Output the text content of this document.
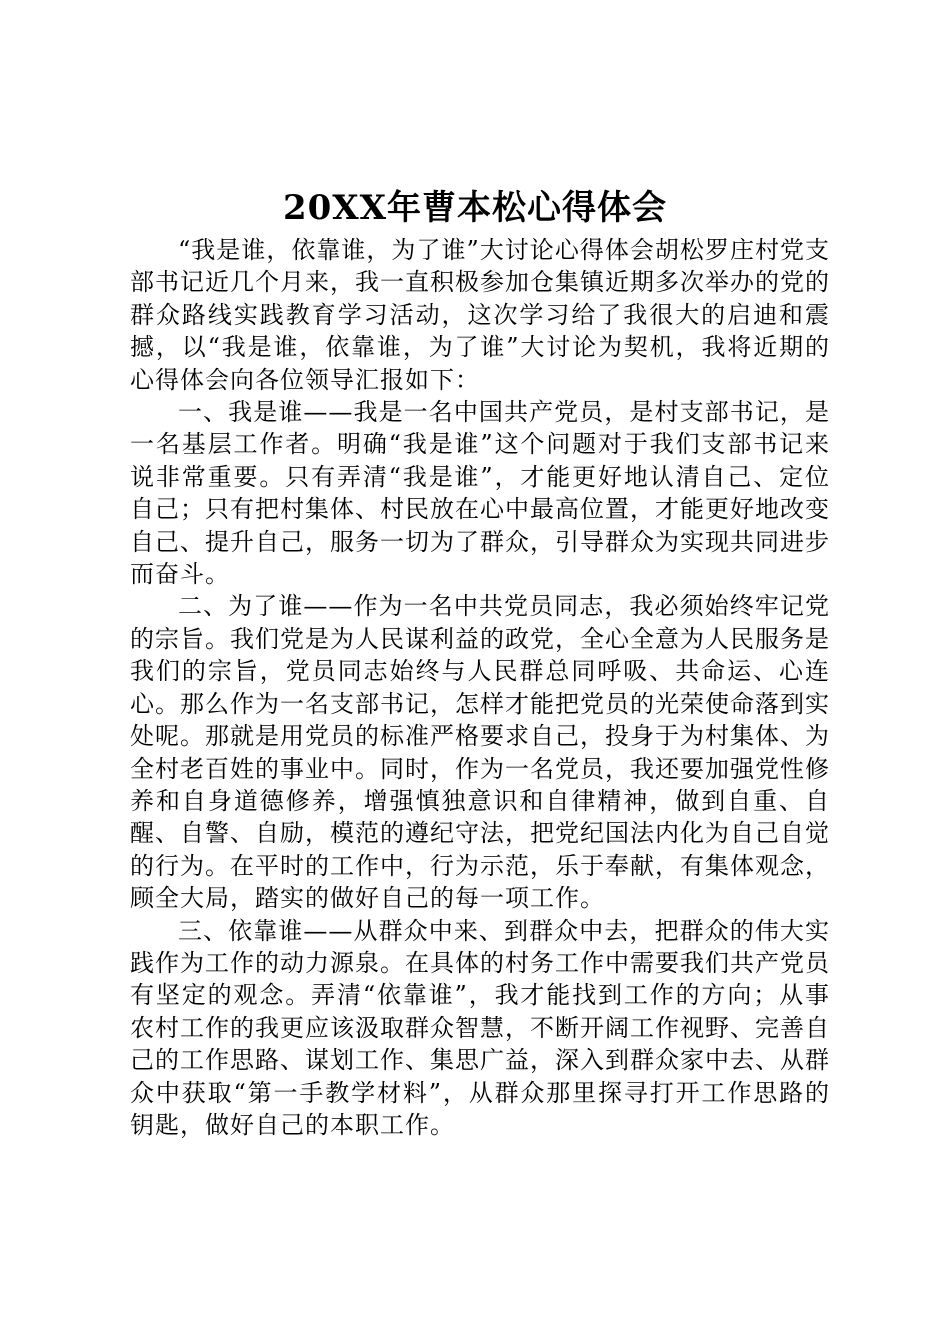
20XX年曹本松心得体会

“我是谁，依靠谁，为了谁”大讨论心得体会胡松罗庄村党支部书记近几个月来，我一直积极参加仓集镇近期多次举办的党的群众路线实践教育学习活动，这次学习给了我很大的启迪和震撼，以“我是谁，依靠谁，为了谁”大讨论为契机，我将近期的心得体会向各位领导汇报如下：

一、我是谁——我是一名中国共产党员，是村支部书记，是一名基层工作者。明确“我是谁”这个问题对于我们支部书记来说非常重要。只有弄清“我是谁”，才能更好地认清自己、定位自己；只有把村集体、村民放在心中最高位置，才能更好地改变自己、提升自己，服务一切为了群众，引导群众为实现共同进步而奋斗。

二、为了谁——作为一名中共党员同志，我必须始终牢记党的宗旨。我们党是为人民谋利益的政党，全心全意为人民服务是我们的宗旨，党员同志始终与人民群总同呼吸、共命运、心连心。那么作为一名支部书记，怎样才能把党员的光荣使命落到实处呢。那就是用党员的标准严格要求自己，投身于为村集体、为全村老百姓的事业中。同时，作为一名党员，我还要加强党性修养和自身道德修养，增强慎独意识和自律精神，做到自重、自醒、自警、自励，模范的遵纪守法，把党纪国法内化为自己自觉的行为。在平时的工作中，行为示范，乐于奉献，有集体观念，顾全大局，踏实的做好自己的每一项工作。

三、依靠谁——从群众中来、到群众中去，把群众的伟大实践作为工作的动力源泉。在具体的村务工作中需要我们共产党员有坚定的观念。弄清“依靠谁”，我才能找到工作的方向；从事农村工作的我更应该汲取群众智慧，不断开阔工作视野、完善自己的工作思路、谋划工作、集思广益，深入到群众家中去、从群众中获取“第一手教学材料”，从群众那里探寻打开工作思路的钥匙，做好自己的本职工作。
